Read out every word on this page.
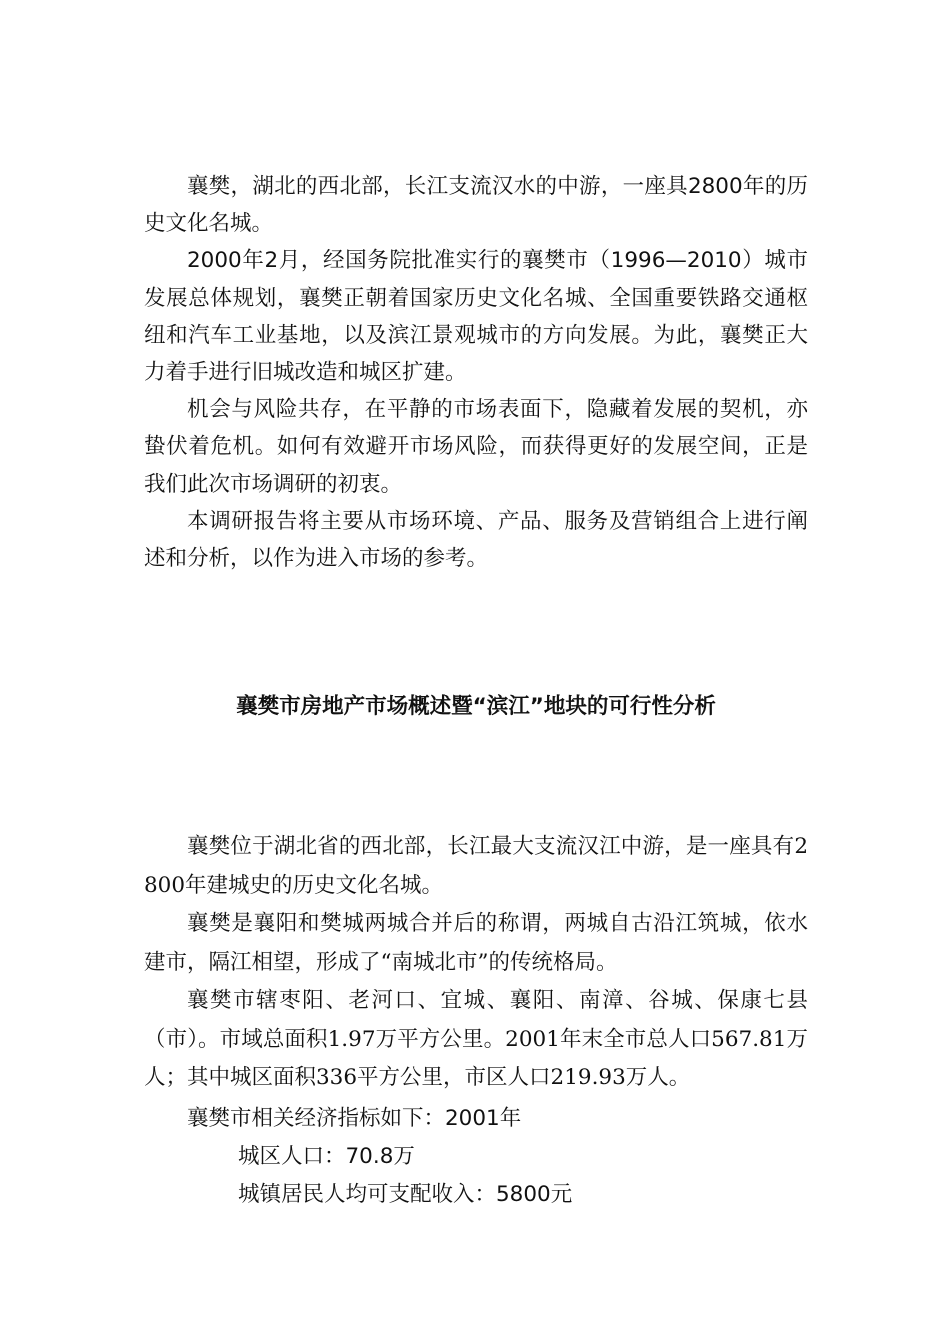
襄樊，湖北的西北部，长江支流汉水的中游，一座具2800年的历史文化名城。

2000年2月，经国务院批准实行的襄樊市（1996—2010）城市发展总体规划，襄樊正朝着国家历史文化名城、全国重要铁路交通枢纽和汽车工业基地，以及滨江景观城市的方向发展。为此，襄樊正大力着手进行旧城改造和城区扩建。

机会与风险共存，在平静的市场表面下，隐藏着发展的契机，亦蛰伏着危机。如何有效避开市场风险，而获得更好的发展空间，正是我们此次市场调研的初衷。

本调研报告将主要从市场环境、产品、服务及营销组合上进行阐述和分析，以作为进入市场的参考。

襄樊市房地产市场概述暨“滨江”地块的可行性分析

襄樊位于湖北省的西北部，长江最大支流汉江中游，是一座具有2800年建城史的历史文化名城。

襄樊是襄阳和樊城两城合并后的称谓，两城自古沿江筑城，依水建市，隔江相望，形成了“南城北市”的传统格局。

襄樊市辖枣阳、老河口、宜城、襄阳、南漳、谷城、保康七县（市）。市域总面积1.97万平方公里。2001年末全市总人口567.81万人；其中城区面积336平方公里，市区人口219.93万人。

襄樊市相关经济指标如下：2001年

城区人口：70.8万

城镇居民人均可支配收入：5800元
